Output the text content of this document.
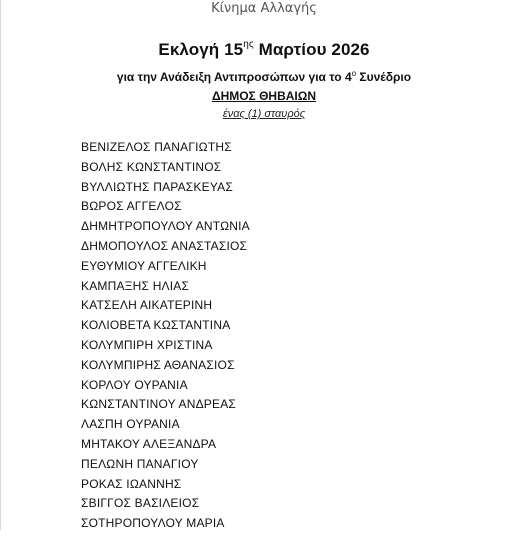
Κίνημα Αλλαγής
Εκλογή $15^{\eta\varsigma}$ Μαρτίου 2026
για την Ανάδειξη Αντιπροσώπων για το $4^o$ Συνέδριο
ΔΗΜΟΣ ΘΗΒΑΙΩΝ
ένας (1) σταυρός
ΒΕΝΙΖΕΛΟΣ ΠΑΝΑΓΙΩΤΗΣ
ΒΟΛΗΣ ΚΩΝΣΤΑΝΤΙΝΟΣ
ΒΥΛΛΙΩΤΗΣ ΠΑΡΑΣΚΕΥΑΣ
ΒΩΡΟΣ ΑΓΓΕΛΟΣ
ΔΗΜΗΤΡΟΠΟΥΛΟΥ ΑΝΤΩΝΙΑ
ΔΗΜΟΠΟΥΛΟΣ ΑΝΑΣΤΑΣΙΟΣ
ΕΥΘΥΜΙΟΥ ΑΓΓΕΛΙΚΗ
ΚΑΜΠΑΞΗΣ ΗΛΙΑΣ
ΚΑΤΣΕΛΗ ΑΙΚΑΤΕΡΙΝΗ
ΚΟΛΙΟΒΕΤΑ ΚΩΣΤΑΝΤΙΝΑ
ΚΟΛΥΜΠΙΡΗ ΧΡΙΣΤΙΝΑ
ΚΟΛΥΜΠΙΡΗΣ ΑΘΑΝΑΣΙΟΣ
ΚΟΡΛΟΥ ΟΥΡΑΝΙΑ
ΚΩΝΣΤΑΝΤΙΝΟΥ ΑΝΔΡΕΑΣ
ΛΑΣΠΗ ΟΥΡΑΝΙΑ
ΜΗΤΑΚΟΥ ΑΛΕΞΑΝΔΡΑ
ΠΕΛΩΝΗ ΠΑΝΑΓΙΟΥ
ΡΟΚΑΣ ΙΩΑΝΝΗΣ
ΣΒΙΓΓΟΣ ΒΑΣΙΛΕΙΟΣ
ΣΟΤΗΡΟΠΟΥΛΟΥ ΜΑΡΙΑ
